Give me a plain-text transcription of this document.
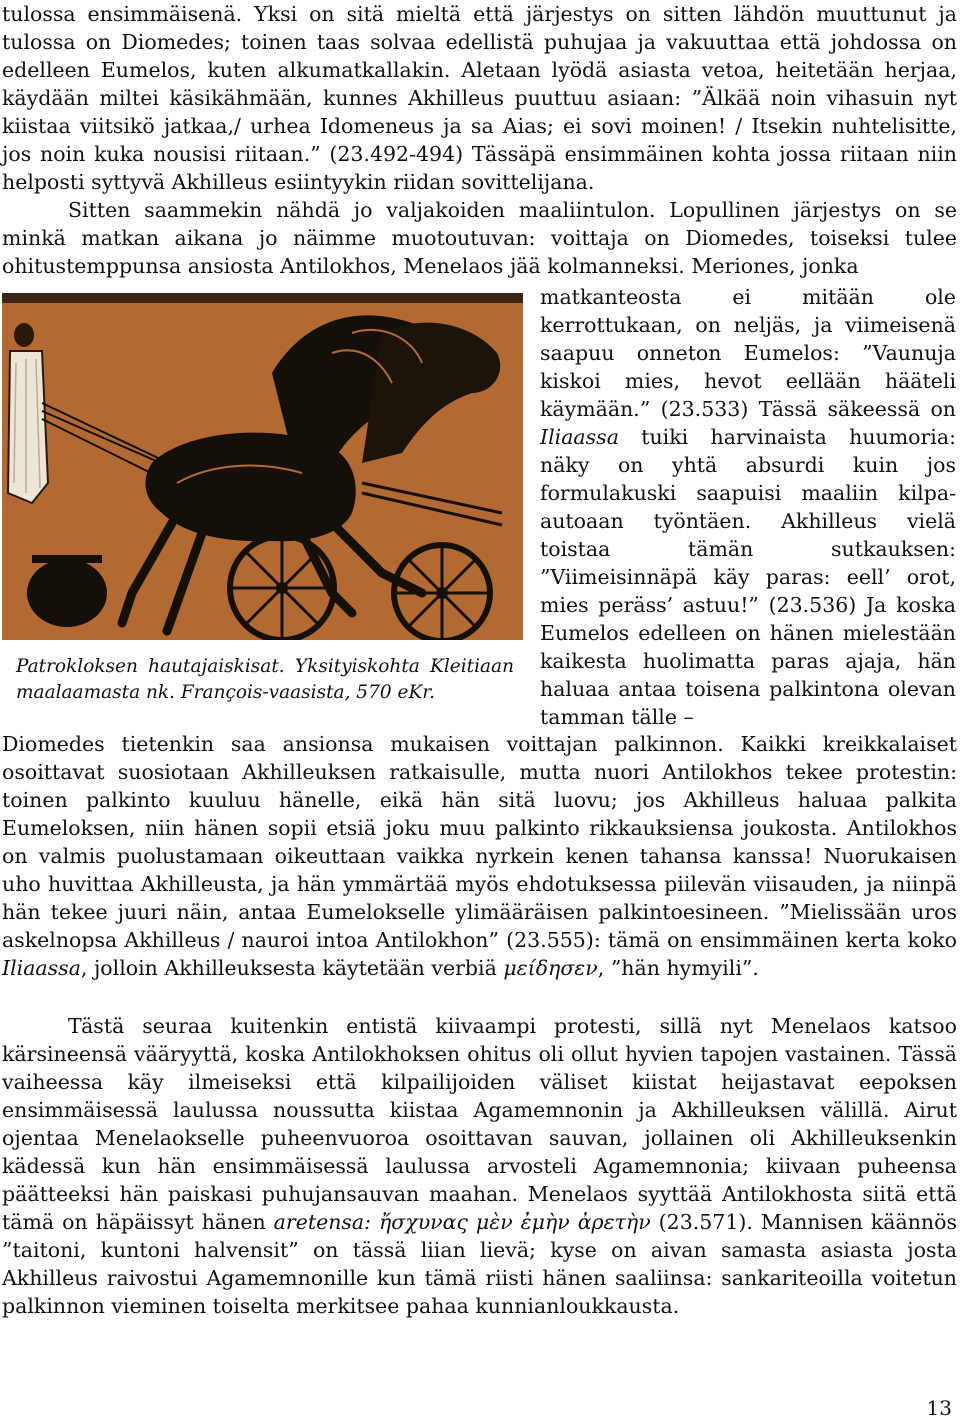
tulossa ensimmäisenä. Yksi on sitä mieltä että järjestys on sitten lähdön muuttunut ja tulossa on Diomedes; toinen taas solvaa edellistä puhujaa ja vakuuttaa että johdossa on edelleen Eumelos, kuten alkumatkallakin. Aletaan lyödä asiasta vetoa, heitetään herjaa, käydään miltei käsikähmään, kunnes Akhilleus puuttuu asiaan: ”Älkää noin vihasuin nyt kiistaa viitsikö jatkaa,/ urhea Idomeneus ja sa Aias; ei sovi moinen! / Itsekin nuhtelisitte, jos noin kuka nousisi riitaan.” (23.492-494) Tässäpä ensimmäinen kohta jossa riitaan niin helposti syttyvä Akhilleus esiintyykin riidan sovittelijana.

Sitten saammekin nähdä jo valjakoiden maaliintulon. Lopullinen järjestys on se minkä matkan aikana jo näimme muotoutuvan: voittaja on Diomedes, toiseksi tulee ohitustemppunsa ansiosta Antilokhos, Menelaos jää kolmanneksi. Meriones, jonka

matkanteosta ei mitään ole kerrottukaan, on neljäs, ja viimeisenä saapuu onneton Eumelos: ”Vaunuja kiskoi mies, hevot eellään hääteli käymään.” (23.533) Tässä säkeessä on Iliaassa tuiki harvinaista huumoria: näky on yhtä absurdi kuin jos formulakuski saapuisi maaliin kilpa-autoaan työntäen. Akhilleus vielä toistaa tämän sutkauksen: ”Viimeisinnäpä käy paras: eell’ orot, mies peräss’ astuu!” (23.536) Ja koska Eumelos edelleen on hänen mielestään kaikesta huolimatta paras ajaja, hän haluaa antaa toisena palkintona olevan tamman tälle –

Patrokloksen hautajaiskisat. Yksityiskohta Kleitiaan maalaamasta nk. François-vaasista, 570 eKr.

Diomedes tietenkin saa ansionsa mukaisen voittajan palkinnon. Kaikki kreikkalaiset osoittavat suosiotaan Akhilleuksen ratkaisulle, mutta nuori Antilokhos tekee protestin: toinen palkinto kuuluu hänelle, eikä hän sitä luovu; jos Akhilleus haluaa palkita Eumeloksen, niin hänen sopii etsiä joku muu palkinto rikkauksiensa joukosta. Antilokhos on valmis puolustamaan oikeuttaan vaikka nyrkein kenen tahansa kanssa! Nuorukaisen uho huvittaa Akhilleusta, ja hän ymmärtää myös ehdotuksessa piilevän viisauden, ja niinpä hän tekee juuri näin, antaa Eumelokselle ylimääräisen palkintoesineen. ”Mielissään uros askelnopsa Akhilleus / nauroi intoa Antilokhon” (23.555): tämä on ensimmäinen kerta koko Iliaassa, jolloin Akhilleuksesta käytetään verbiä μείδησεν, ”hän hymyili”.

Tästä seuraa kuitenkin entistä kiivaampi protesti, sillä nyt Menelaos katsoo kärsineensä vääryyttä, koska Antilokhoksen ohitus oli ollut hyvien tapojen vastainen. Tässä vaiheessa käy ilmeiseksi että kilpailijoiden väliset kiistat heijastavat eepoksen ensimmäisessä laulussa noussutta kiistaa Agamemnonin ja Akhilleuksen välillä. Airut ojentaa Menelaokselle puheenvuoroa osoittavan sauvan, jollainen oli Akhilleuksenkin kädessä kun hän ensimmäisessä laulussa arvosteli Agamemnonia; kiivaan puheensa päätteeksi hän paiskasi puhujansauvan maahan. Menelaos syyttää Antilokhosta siitä että tämä on häpäissyt hänen aretensa: ἤσχυνας μὲν ἐμὴν ἀρετὴν (23.571). Mannisen käännös ”taitoni, kuntoni halvensit” on tässä liian lievä; kyse on aivan samasta asiasta josta Akhilleus raivostui Agamemnonille kun tämä riisti hänen saaliinsa: sankariteoilla voitetun palkinnon vieminen toiselta merkitsee pahaa kunnianloukkausta.

13
